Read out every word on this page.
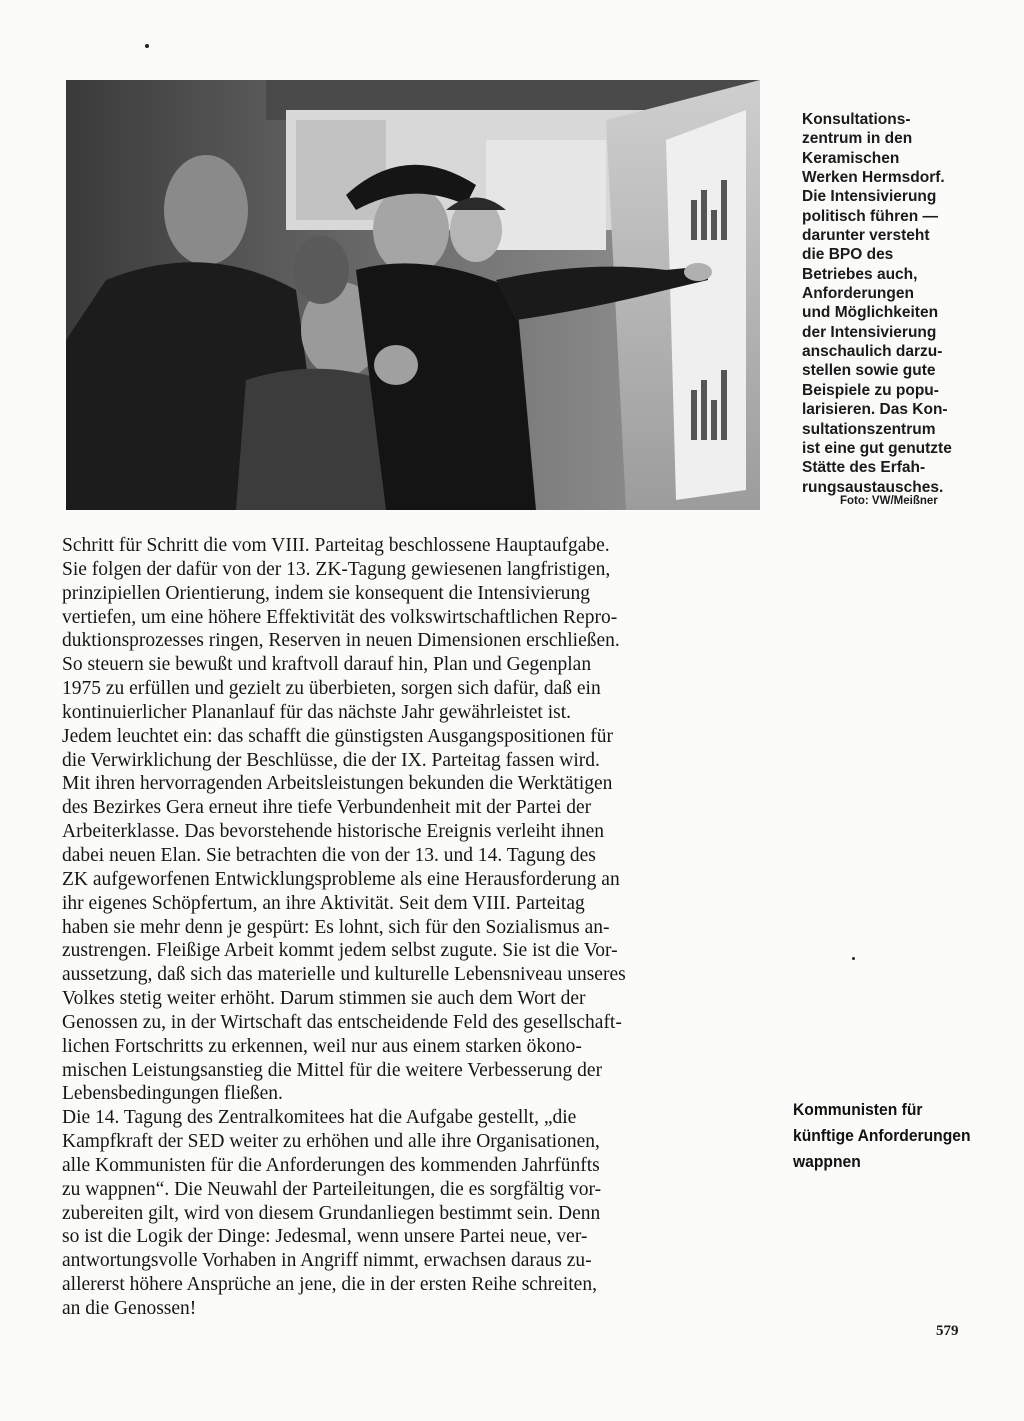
Konsultations-
zentrum in den
Keramischen
Werken Hermsdorf.
Die Intensivierung
politisch führen —
darunter versteht
die BPO des
Betriebes auch,
Anforderungen
und Möglichkeiten
der Intensivierung
anschaulich darzu-
stellen sowie gute
Beispiele zu popu-
larisieren. Das Kon-
sultationszentrum
ist eine gut genutzte
Stätte des Erfah-
rungsaustausches.
Foto: VW/Meißner
Schritt für Schritt die vom VIII. Parteitag beschlossene Hauptaufgabe.
Sie folgen der dafür von der 13. ZK-Tagung gewiesenen langfristigen,
prinzipiellen Orientierung, indem sie konsequent die Intensivierung
vertiefen, um eine höhere Effektivität des volkswirtschaftlichen Repro-
duktionsprozesses ringen, Reserven in neuen Dimensionen erschließen.
So steuern sie bewußt und kraftvoll darauf hin, Plan und Gegenplan
1975 zu erfüllen und gezielt zu überbieten, sorgen sich dafür, daß ein
kontinuierlicher Plananlauf für das nächste Jahr gewährleistet ist.
Jedem leuchtet ein: das schafft die günstigsten Ausgangspositionen für
die Verwirklichung der Beschlüsse, die der IX. Parteitag fassen wird.
Mit ihren hervorragenden Arbeitsleistungen bekunden die Werktätigen
des Bezirkes Gera erneut ihre tiefe Verbundenheit mit der Partei der
Arbeiterklasse. Das bevorstehende historische Ereignis verleiht ihnen
dabei neuen Elan. Sie betrachten die von der 13. und 14. Tagung des
ZK aufgeworfenen Entwicklungsprobleme als eine Herausforderung an
ihr eigenes Schöpfertum, an ihre Aktivität. Seit dem VIII. Parteitag
haben sie mehr denn je gespürt: Es lohnt, sich für den Sozialismus an-
zustrengen. Fleißige Arbeit kommt jedem selbst zugute. Sie ist die Vor-
aussetzung, daß sich das materielle und kulturelle Lebensniveau unseres
Volkes stetig weiter erhöht. Darum stimmen sie auch dem Wort der
Genossen zu, in der Wirtschaft das entscheidende Feld des gesellschaft-
lichen Fortschritts zu erkennen, weil nur aus einem starken ökono-
mischen Leistungsanstieg die Mittel für die weitere Verbesserung der
Lebensbedingungen fließen.
Die 14. Tagung des Zentralkomitees hat die Aufgabe gestellt, „die
Kampfkraft der SED weiter zu erhöhen und alle ihre Organisationen,
alle Kommunisten für die Anforderungen des kommenden Jahrfünfts
zu wappnen“. Die Neuwahl der Parteileitungen, die es sorgfältig vor-
zubereiten gilt, wird von diesem Grundanliegen bestimmt sein. Denn
so ist die Logik der Dinge: Jedesmal, wenn unsere Partei neue, ver-
antwortungsvolle Vorhaben in Angriff nimmt, erwachsen daraus zu-
allererst höhere Ansprüche an jene, die in der ersten Reihe schreiten,
an die Genossen!
Kommunisten für
künftige Anforderungen
wappnen
579
